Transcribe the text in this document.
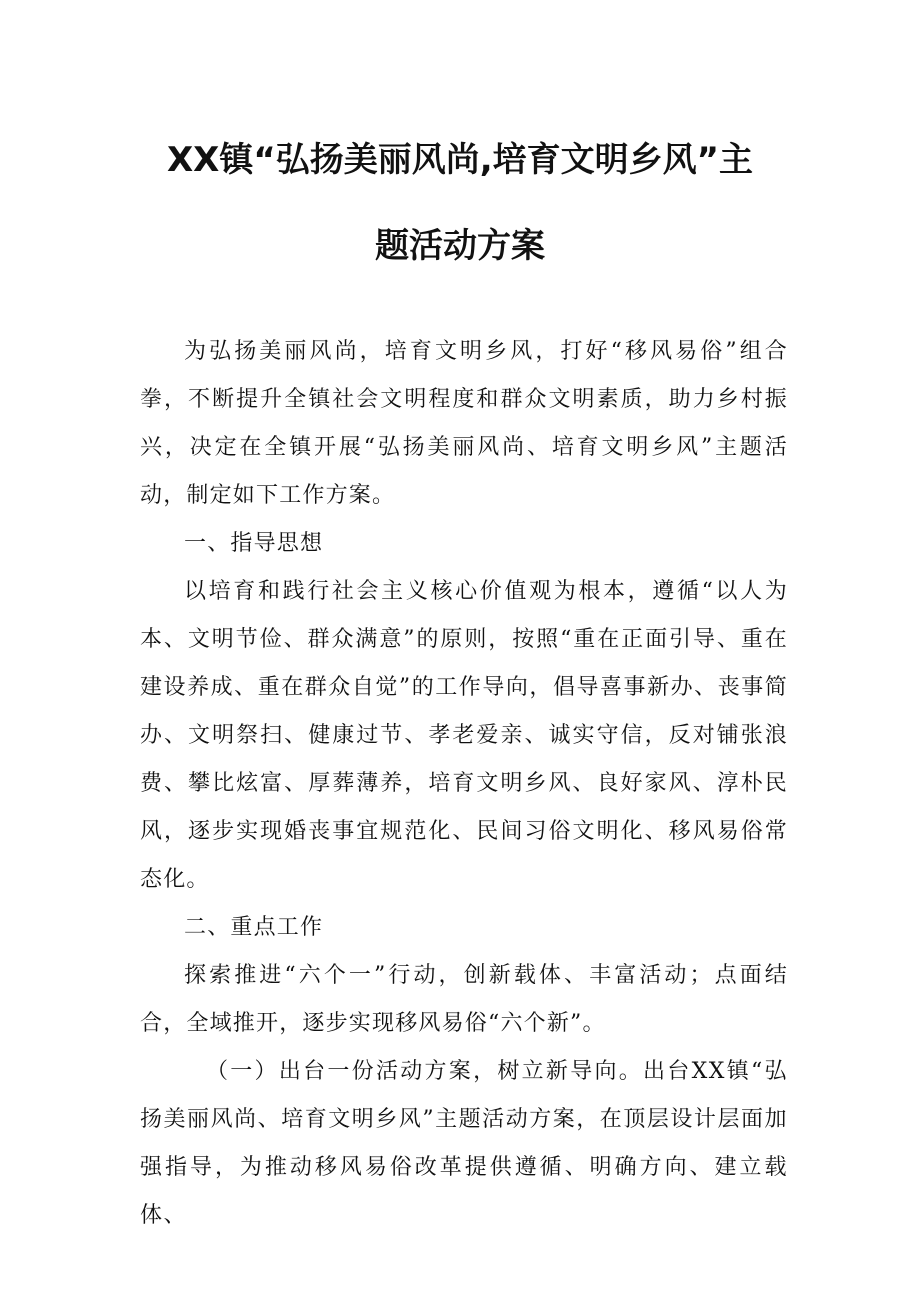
XX镇“弘扬美丽风尚,培育文明乡风”主
题活动方案

为弘扬美丽风尚，培育文明乡风，打好“移风易俗”组合拳，不断提升全镇社会文明程度和群众文明素质，助力乡村振兴，决定在全镇开展“弘扬美丽风尚、培育文明乡风”主题活动，制定如下工作方案。

一、指导思想

以培育和践行社会主义核心价值观为根本，遵循“以人为本、文明节俭、群众满意”的原则，按照“重在正面引导、重在建设养成、重在群众自觉”的工作导向，倡导喜事新办、丧事简办、文明祭扫、健康过节、孝老爱亲、诚实守信，反对铺张浪费、攀比炫富、厚葬薄养，培育文明乡风、良好家风、淳朴民风，逐步实现婚丧事宜规范化、民间习俗文明化、移风易俗常态化。

二、重点工作

探索推进“六个一”行动，创新载体、丰富活动；点面结合，全域推开，逐步实现移风易俗“六个新”。

（一）出台一份活动方案，树立新导向。出台XX镇“弘扬美丽风尚、培育文明乡风”主题活动方案，在顶层设计层面加强指导，为推动移风易俗改革提供遵循、明确方向、建立载体、
